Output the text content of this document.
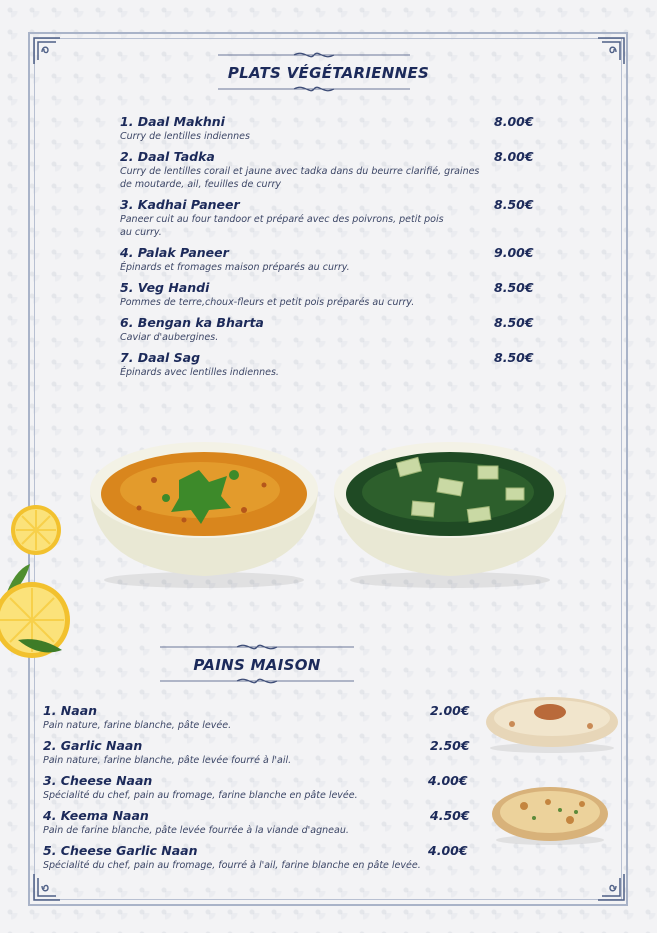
PLATS VÉGÉTARIENNES
1. Daal Makhni
Curry de lentilles indiennes
8.00€
2. Daal Tadka
Curry de lentilles corail et jaune avec tadka dans du beurre clarifié, graines de moutarde, ail, feuilles de curry
8.00€
3. Kadhai Paneer
Paneer cuit au four tandoor et préparé avec des poivrons, petit pois au curry.
8.50€
4. Palak Paneer
Épinards et fromages maison préparés au curry.
9.00€
5. Veg Handi
Pommes de terre,choux-fleurs et petit pois préparés au curry.
8.50€
6. Bengan ka Bharta
Caviar d'aubergines.
8.50€
7. Daal Sag
Épinards avec lentilles indiennes.
8.50€
PAINS MAISON
1. Naan
Pain nature, farine blanche, pâte levée.
2.00€
2. Garlic Naan
Pain nature, farine blanche, pâte levée fourré à l'ail.
2.50€
3. Cheese Naan
Spécialité du chef, pain au fromage, farine blanche en pâte levée.
4.00€
4. Keema Naan
Pain de farine blanche, pâte levée fourrée à la viande d'agneau.
4.50€
5. Cheese Garlic Naan
Spécialité du chef, pain au fromage, fourré à l'ail, farine blanche en pâte levée.
4.00€
